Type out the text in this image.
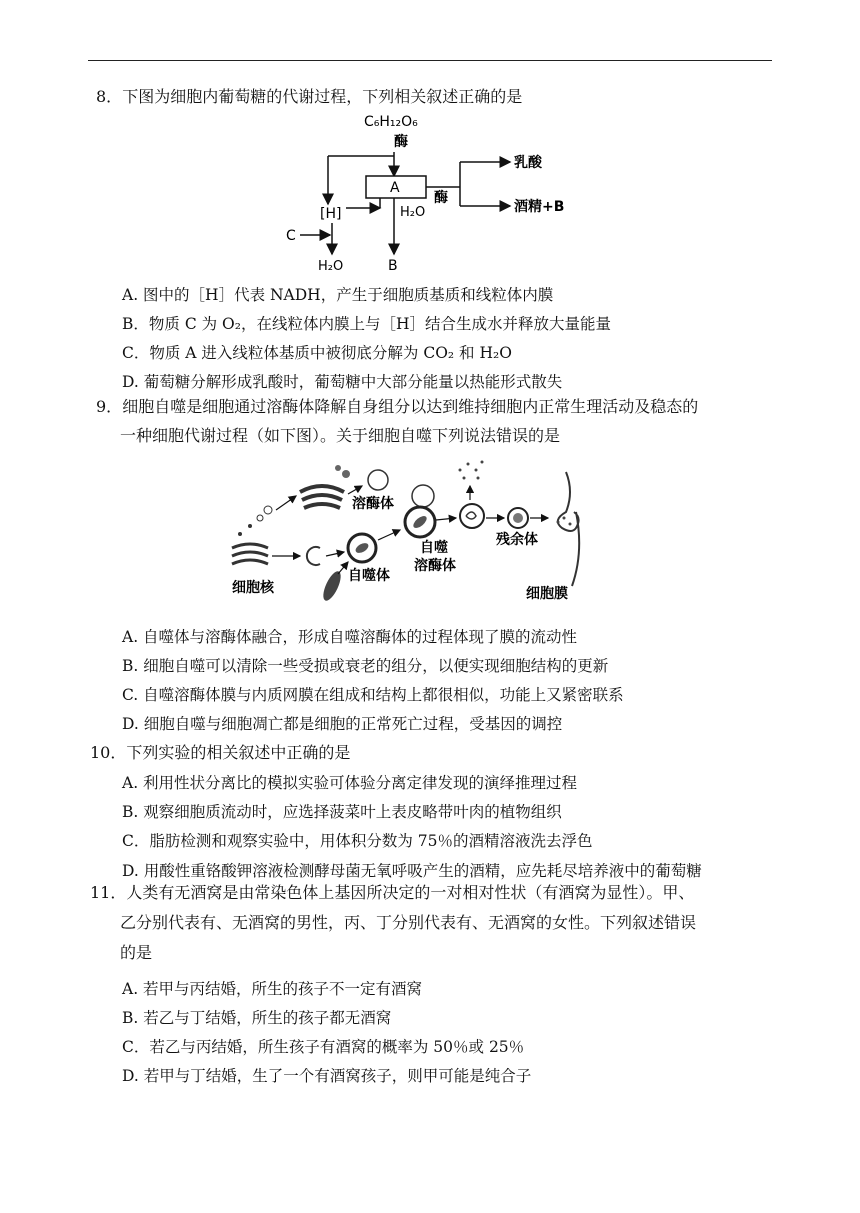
8．下图为细胞内葡萄糖的代谢过程，下列相关叙述正确的是
C₆H₁₂O₆
酶
A
酶
乳酸
酒精+B
[H]	H₂O
C
H₂O	B
A. 图中的［H］代表 NADH，产生于细胞质基质和线粒体内膜
B．物质 C 为 O₂，在线粒体内膜上与［H］结合生成水并释放大量能量
C．物质 A 进入线粒体基质中被彻底分解为 CO₂ 和 H₂O
D. 葡萄糖分解形成乳酸时，葡萄糖中大部分能量以热能形式散失
9．细胞自噬是细胞通过溶酶体降解自身组分以达到维持细胞内正常生理活动及稳态的
一种细胞代谢过程（如下图）。关于细胞自噬下列说法错误的是
细胞核
溶酶体
自噬体
自噬
溶酶体
残余体
细胞膜
A. 自噬体与溶酶体融合，形成自噬溶酶体的过程体现了膜的流动性
B. 细胞自噬可以清除一些受损或衰老的组分，以便实现细胞结构的更新
C. 自噬溶酶体膜与内质网膜在组成和结构上都很相似，功能上又紧密联系
D. 细胞自噬与细胞凋亡都是细胞的正常死亡过程，受基因的调控
10．下列实验的相关叙述中正确的是
A. 利用性状分离比的模拟实验可体验分离定律发现的演绎推理过程
B. 观察细胞质流动时，应选择菠菜叶上表皮略带叶肉的植物组织
C．脂肪检测和观察实验中，用体积分数为 75％的酒精溶液洗去浮色
D. 用酸性重铬酸钾溶液检测酵母菌无氧呼吸产生的酒精，应先耗尽培养液中的葡萄糖
11．人类有无酒窝是由常染色体上基因所决定的一对相对性状（有酒窝为显性）。甲、
乙分别代表有、无酒窝的男性，丙、丁分别代表有、无酒窝的女性。下列叙述错误
的是
A. 若甲与丙结婚，所生的孩子不一定有酒窝
B. 若乙与丁结婚，所生的孩子都无酒窝
C．若乙与丙结婚，所生孩子有酒窝的概率为 50％或 25％
D. 若甲与丁结婚，生了一个有酒窝孩子，则甲可能是纯合子
